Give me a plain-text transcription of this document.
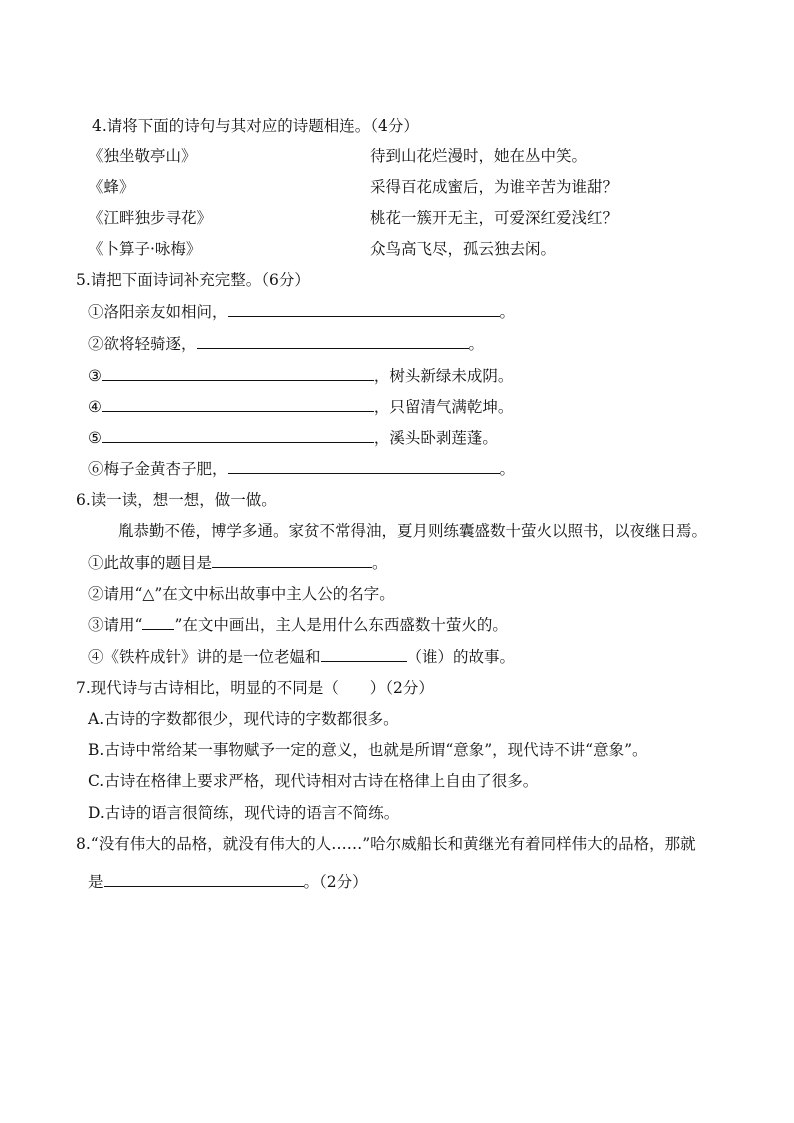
4.请将下面的诗句与其对应的诗题相连。（4分）
《独坐敬亭山》	待到山花烂漫时，她在丛中笑。
《蜂》	采得百花成蜜后，为谁辛苦为谁甜？
《江畔独步寻花》	桃花一簇开无主，可爱深红爱浅红？
《卜算子·咏梅》	众鸟高飞尽，孤云独去闲。
5.请把下面诗词补充完整。（6分）
①洛阳亲友如相问，	。
②欲将轻骑逐，	。
③	，树头新绿未成阴。
④	，只留清气满乾坤。
⑤	，溪头卧剥莲蓬。
⑥梅子金黄杏子肥，	。
6.读一读，想一想，做一做。
胤恭勤不倦，博学多通。家贫不常得油，夏月则练囊盛数十萤火以照书，以夜继日焉。
①此故事的题目是	。
②请用“△”在文中标出故事中主人公的名字。
③请用“ ”在文中画出，主人是用什么东西盛数十萤火的。
④《铁杵成针》讲的是一位老媪和	（谁）的故事。
7.现代诗与古诗相比，明显的不同是（　　）（2分）
A.古诗的字数都很少，现代诗的字数都很多。
B.古诗中常给某一事物赋予一定的意义，也就是所谓“意象”，现代诗不讲“意象”。
C.古诗在格律上要求严格，现代诗相对古诗在格律上自由了很多。
D.古诗的语言很简练，现代诗的语言不简练。
8.“没有伟大的品格，就没有伟大的人……”哈尔威船长和黄继光有着同样伟大的品格，那就
是	。（2分）
